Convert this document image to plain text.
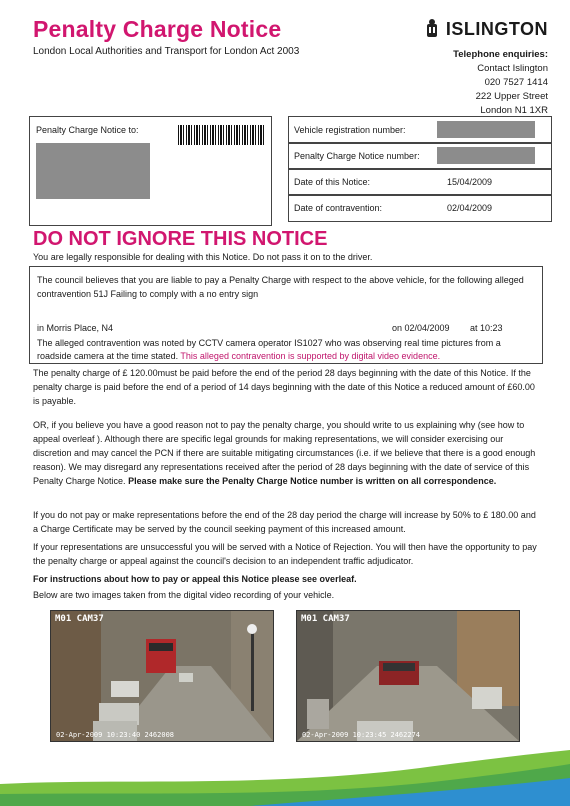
Penalty Charge Notice
London Local Authorities and Transport for London Act 2003
ISLINGTON
Telephone enquiries:
Contact Islington
020 7527 1414
222 Upper Street
London N1 1XR
Penalty Charge Notice to:	Vehicle registration number:
Penalty Charge Notice number:
Date of this Notice:	15/04/2009
Date of contravention:	02/04/2009
DO NOT IGNORE THIS NOTICE
You are legally responsible for dealing with this Notice. Do not pass it on to the driver.
The council believes that you are liable to pay a Penalty Charge with respect to the above vehicle, for the following alleged contravention 51J Failing to comply with a no entry sign
in Morris Place, N4	on 02/04/2009 at 10:23
The alleged contravention was noted by CCTV camera operator IS1027 who was observing real time pictures from a roadside camera at the time stated. This alleged contravention is supported by digital video evidence.
The penalty charge of £ 120.00must be paid before the end of the period 28 days beginning with the date of this Notice. If the penalty charge is paid before the end of a period of 14 days beginning with the date of this Notice a reduced amount of £60.00 is payable.
OR, if you believe you have a good reason not to pay the penalty charge, you should write to us explaining why (see how to appeal overleaf ). Although there are specific legal grounds for making representations, we will consider exercising our discretion and may cancel the PCN if there are suitable mitigating circumstances (i.e. if we believe that there is a good enough reason). We may disregard any representations received after the period of 28 days beginning with the date of service of this Penalty Charge Notice. Please make sure the Penalty Charge Notice number is written on all correspondence.
If you do not pay or make representations before the end of the 28 day period the charge will increase by 50% to £ 180.00 and a Charge Certificate may be served by the council seeking payment of this increased amount.
If your representations are unsuccessful you will be served with a Notice of Rejection. You will then have the opportunity to pay the penalty charge or appeal against the council's decision to an independent traffic adjudicator.
For instructions about how to pay or appeal this Notice please see overleaf.
Below are two images taken from the digital video recording of your vehicle.
M01 CAM37
02-Apr-2009 10:23:40 2462008
M01 CAM37
02-Apr-2009 10:23:45 2462274
